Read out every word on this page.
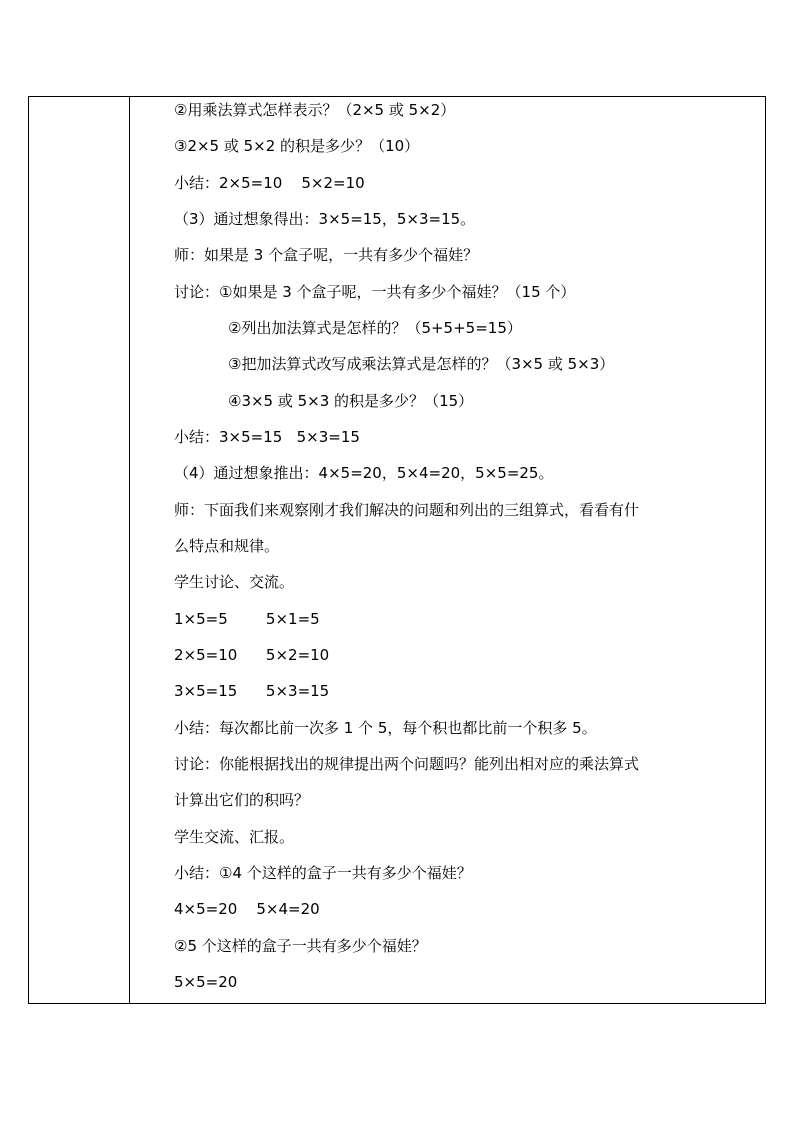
②用乘法算式怎样表示？（2×5 或 5×2）
③2×5 或 5×2 的积是多少？（10）
小结：2×5=10    5×2=10
（3）通过想象得出：3×5=15，5×3=15。
师：如果是 3 个盒子呢，一共有多少个福娃？
讨论：①如果是 3 个盒子呢，一共有多少个福娃？（15 个）
②列出加法算式是怎样的？（5+5+5=15）
③把加法算式改写成乘法算式是怎样的？（3×5 或 5×3）
④3×5 或 5×3 的积是多少？（15）
小结：3×5=15   5×3=15
（4）通过想象推出：4×5=20，5×4=20，5×5=25。
师：下面我们来观察刚才我们解决的问题和列出的三组算式，看看有什
么特点和规律。
学生讨论、交流。
1×5=5        5×1=5
2×5=10      5×2=10
3×5=15      5×3=15
小结：每次都比前一次多 1 个 5，每个积也都比前一个积多 5。
讨论：你能根据找出的规律提出两个问题吗？能列出相对应的乘法算式
计算出它们的积吗？
学生交流、汇报。
小结：①4 个这样的盒子一共有多少个福娃？
4×5=20    5×4=20
②5 个这样的盒子一共有多少个福娃？
5×5=20
